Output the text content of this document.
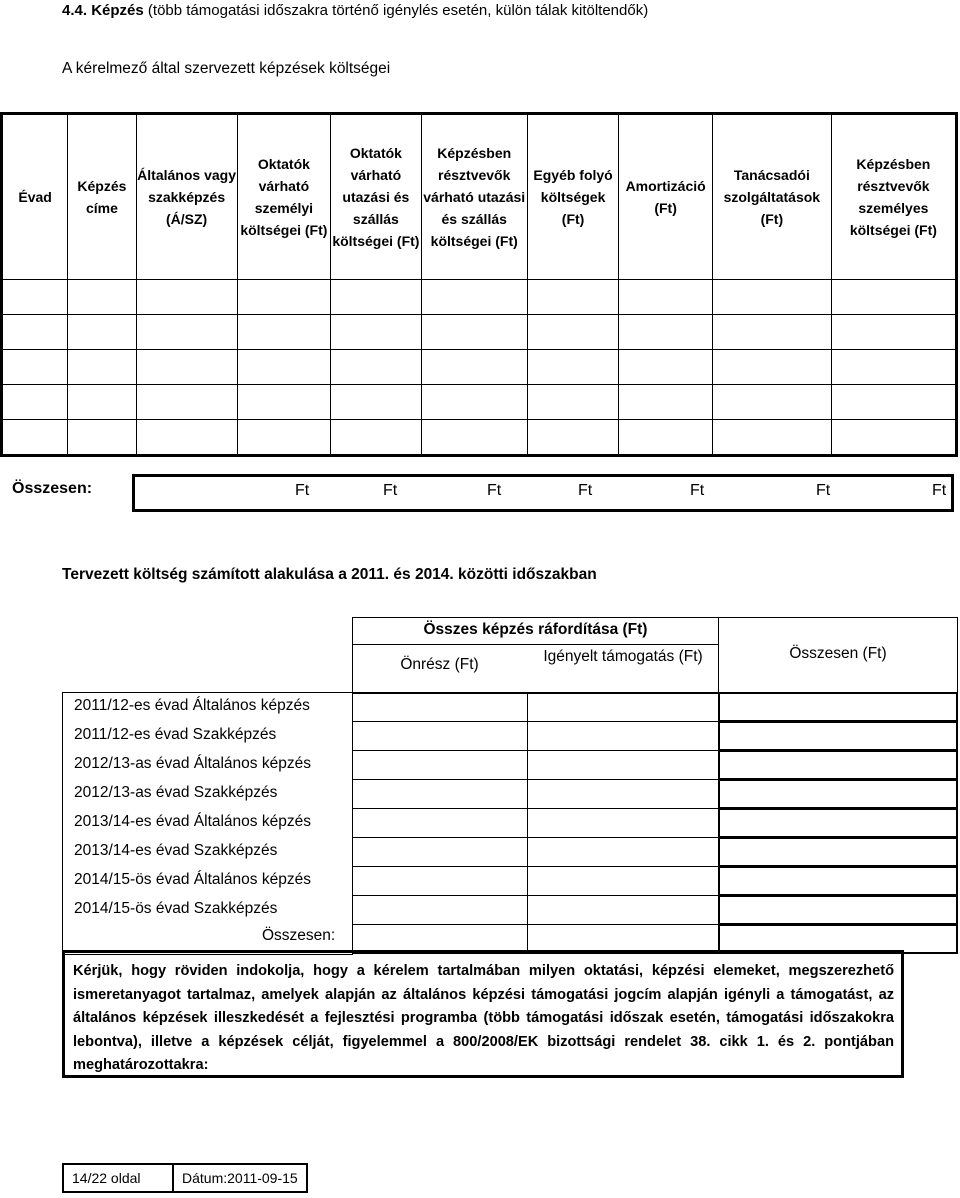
4.4. Képzés (több támogatási időszakra történő igénylés esetén, külön tálak kitöltendők)
A kérelmező által szervezett képzések költségei
Évad	Képzés címe	Általános vagy szakképzés (Á/SZ)	Oktatók várható személyi költségei (Ft)	Oktatók várható utazási és szállás költségei (Ft)	Képzésben résztvevők várható utazási és szállás költségei (Ft)	Egyéb folyó költségek (Ft)	Amortizáció (Ft)	Tanácsadói szolgáltatások (Ft)	Képzésben résztvevők személyes költségei (Ft)

Összesen:	Ft	Ft	Ft	Ft	Ft	Ft	Ft
Tervezett költség számított alakulása a 2011. és 2014. közötti időszakban
Összes képzés ráfordítása (Ft)
Önrész (Ft)	Igényelt támogatás (Ft)	Összesen (Ft)
2011/12-es évad Általános képzés
2011/12-es évad Szakképzés
2012/13-as évad Általános képzés
2012/13-as évad Szakképzés
2013/14-es évad Általános képzés
2013/14-es évad Szakképzés
2014/15-ös évad Általános képzés
2014/15-ös évad Szakképzés
Összesen:
Kérjük, hogy röviden indokolja, hogy a kérelem tartalmában milyen oktatási, képzési elemeket, megszerezhető ismeretanyagot tartalmaz, amelyek alapján az általános képzési támogatási jogcím alapján igényli a támogatást, az általános képzések illeszkedését a fejlesztési programba (több támogatási időszak esetén, támogatási időszakokra lebontva), illetve a képzések célját, figyelemmel a 800/2008/EK bizottsági rendelet 38. cikk 1. és 2. pontjában meghatározottakra:
14/22 oldal	Dátum:2011-09-15
